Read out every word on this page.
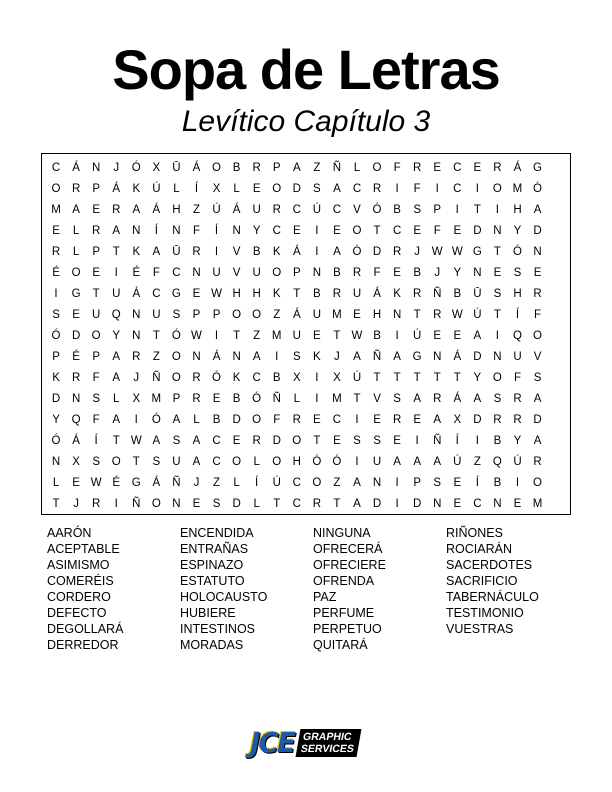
Sopa de Letras
Levítico Capítulo 3
C	Á	N	J	Ó	X	Ū	Á	O	B	R	P	A	Z	Ñ	L	O	F	R	E	C	E	R	Á	G
O R	P	Á	K	Ú	L	Í	X	L	E	O D	S	A	C	R	I	F	I	C	I	O M Ó
M A	E	R	A	Á	H	Z	Ú	Á	U	R	C	Ú	C	V	Ó	B	S	P	I	T	I	H	A
E	L	R	A	N	Í	N	F	Í	N	Y	C	E	I	E	O	T	C	E	F	E	D	N	Y	D
R	L	P	T	K	A	Ū	R	I	V	B	K	Á	I	A	Ó D	R	J	W W G	T	Ó N
É	O	E	I	É	F	C	N	U	V	U O	P	N	B	R	F	E	B	J	Y	N	E	S	E
I	G	T	U	Á	C G	E W H	H	K	T	B	R	U	Á	K	R	Ñ	B	Ū	S	H	R
S	E	U Q N	U	S	P	P	O O	Z	Á	U M E	H	N	T	R W Ú	T	Í	F
Ó D O	Y	N	T	Ó W	I	T	Z	M U	E	T W B	I	Ú	E	E	A	I	Q O
P	É	P	A	R	Z	O N	Á	N	A	I	S	K	J	A	Ñ	A	G N	Á	D	N	U	V
K	R	F	A	J	Ñ O R Ó	K	C	B	X	I	X	Ú	T	T	T	T	T	Y	O	F	S
D	N	S	L	X M P	R	E	B	Ó Ñ	L	I	M	T	V	S	A	R	Á	A	S	R	A
Y	Q	F	A	I	Ó	A	L	B	D O	F	R	E	C	I	E	R	E	A	X	D	R	R	D
Ó	Á	Í	T W A	S	A	C	E	R	D O	T	E	S	S	E	I	Ñ	Í	I	B	Y	A
N	X	S	O	T	S	U	A	C O	L	O H Ó Ó	I	U	A	A	A	Ú	Z	Q Ú	R
L	E W É	G	Á	Ñ	J	Z	L	Í	Ú	C O	Z	A	N	I	P	S	E	Í	B	I	O
T	J	R	I	Ñ O N	E	S	D	L	T	C	R	T	A	D	I	D	N	E	C	N	E M
AARÓN
ACEPTABLE
ASIMISMO
COMERÉIS
CORDERO
DEFECTO
DEGOLLARÁ
DERREDOR
ENCENDIDA
ENTRAÑAS
ESPINAZO
ESTATUTO
HOLOCAUSTO
HUBIERE
INTESTINOS
MORADAS
NINGUNA
OFRECERÁ
OFRECIERE
OFRENDA
PAZ
PERFUME
PERPETUO
QUITARÁ
RIÑONES
ROCIARÁN
SACERDOTES
SACRIFICIO
TABERNÁCULO
TESTIMONIO
VUESTRAS
JCE GRAPHIC
SERVICES
